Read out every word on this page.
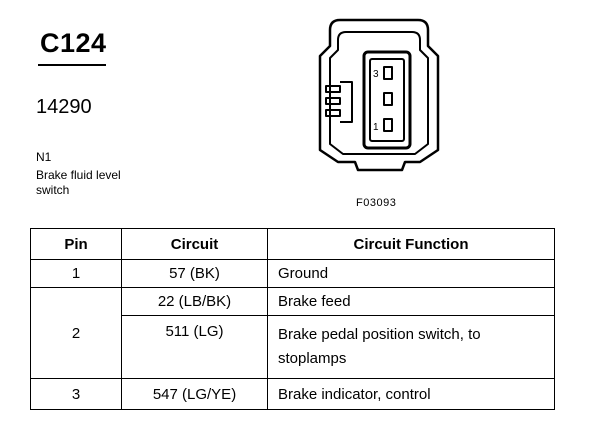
C124
14290
N1
Brake fluid level switch
3
1
F03093
Pin	Circuit	Circuit Function
1	57 (BK)	Ground
2	22 (LB/BK)	Brake feed
	511 (LG)	Brake pedal position switch, to stoplamps
3	547 (LG/YE)	Brake indicator, control
